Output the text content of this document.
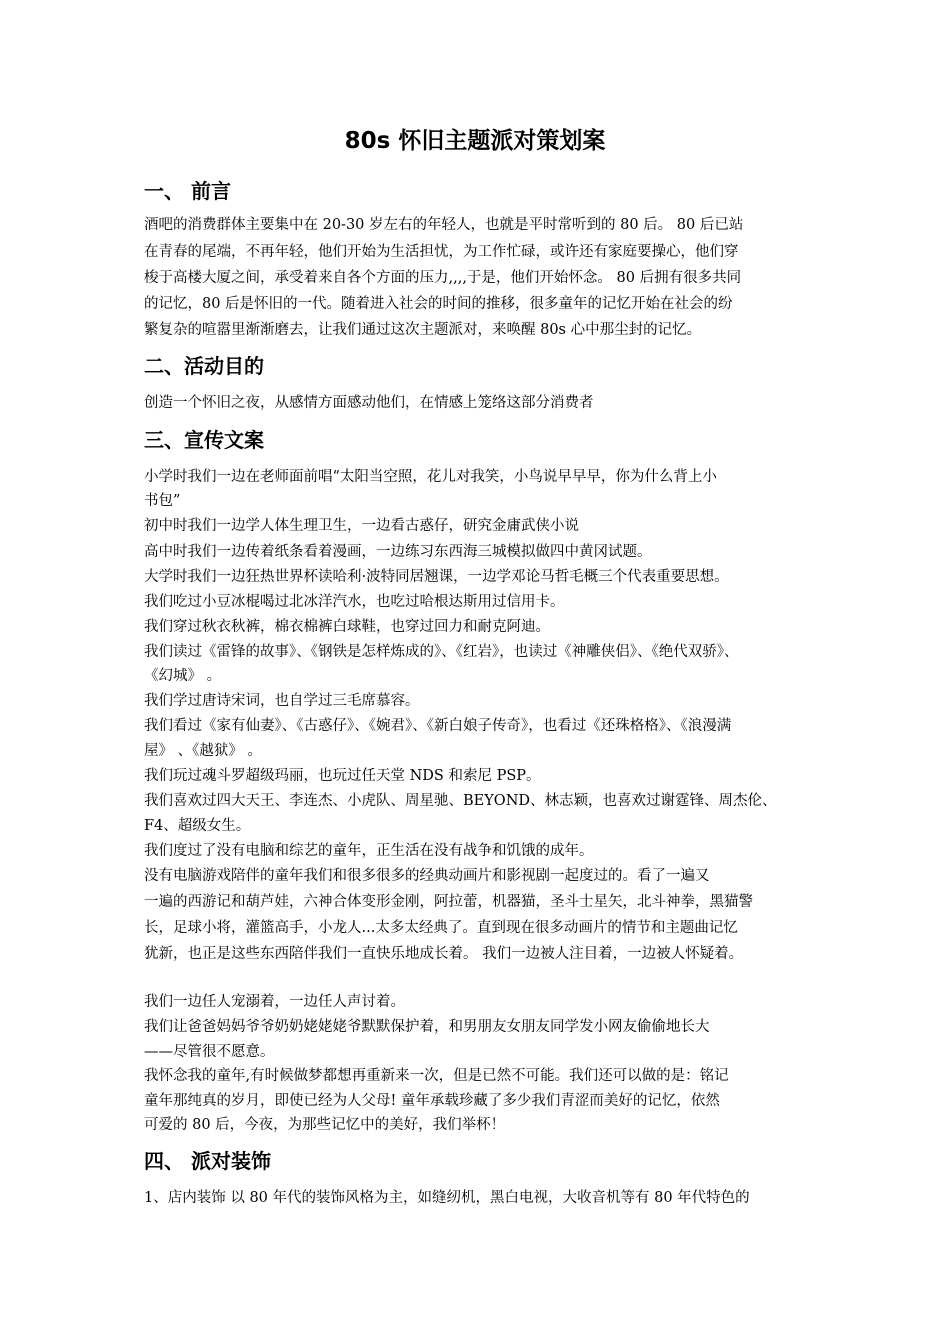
80s 怀旧主题派对策划案
一、 前言
酒吧的消费群体主要集中在 20-30 岁左右的年轻人，也就是平时常听到的 80 后。 80 后已站
在青春的尾端，不再年轻，他们开始为生活担忧，为工作忙碌，或许还有家庭要操心，他们穿
梭于高楼大厦之间，承受着来自各个方面的压力,,,,于是，他们开始怀念。 80 后拥有很多共同
的记忆，80 后是怀旧的一代。随着进入社会的时间的推移，很多童年的记忆开始在社会的纷
繁复杂的喧嚣里渐渐磨去，让我们通过这次主题派对，来唤醒 80s 心中那尘封的记忆。
二、活动目的
创造一个怀旧之夜，从感情方面感动他们，在情感上笼络这部分消费者
三、宣传文案
小学时我们一边在老师面前唱“太阳当空照，花儿对我笑，小鸟说早早早，你为什么背上小
书包”
初中时我们一边学人体生理卫生，一边看古惑仔，研究金庸武侠小说
高中时我们一边传着纸条看着漫画，一边练习东西海三城模拟做四中黄冈试题。
大学时我们一边狂热世界杯读哈利·波特同居翘课，一边学邓论马哲毛概三个代表重要思想。
我们吃过小豆冰棍喝过北冰洋汽水，也吃过哈根达斯用过信用卡。
我们穿过秋衣秋裤，棉衣棉裤白球鞋，也穿过回力和耐克阿迪。
我们读过《雷锋的故事》、《钢铁是怎样炼成的》、《红岩》，也读过《神雕侠侣》、《绝代双骄》、
《幻城》 。
我们学过唐诗宋词，也自学过三毛席慕容。
我们看过《家有仙妻》、《古惑仔》、《婉君》、《新白娘子传奇》，也看过《还珠格格》、《浪漫满
屋》 、《越狱》 。
我们玩过魂斗罗超级玛丽，也玩过任天堂 NDS 和索尼 PSP。
我们喜欢过四大天王、李连杰、小虎队、周星驰、BEYOND、林志颖，也喜欢过谢霆锋、周杰伦、
F4、超级女生。
我们度过了没有电脑和综艺的童年，正生活在没有战争和饥饿的成年。
没有电脑游戏陪伴的童年我们和很多很多的经典动画片和影视剧一起度过的。看了一遍又
一遍的西游记和葫芦娃，六神合体变形金刚，阿拉蕾，机器猫，圣斗士星矢，北斗神拳，黑猫警
长，足球小将，灌篮高手，小龙人...太多太经典了。直到现在很多动画片的情节和主题曲记忆
犹新，也正是这些东西陪伴我们一直快乐地成长着。 我们一边被人注目着，一边被人怀疑着。
我们一边任人宠溺着，一边任人声讨着。
我们让爸爸妈妈爷爷奶奶姥姥姥爷默默保护着，和男朋友女朋友同学发小网友偷偷地长大
——尽管很不愿意。
我怀念我的童年,有时候做梦都想再重新来一次，但是已然不可能。我们还可以做的是：铭记
童年那纯真的岁月，即使已经为人父母! 童年承载珍藏了多少我们青涩而美好的记忆，依然
可爱的 80 后，今夜，为那些记忆中的美好，我们举杯！
四、 派对装饰
1、店内装饰 以 80 年代的装饰风格为主，如缝纫机，黑白电视，大收音机等有 80 年代特色的
